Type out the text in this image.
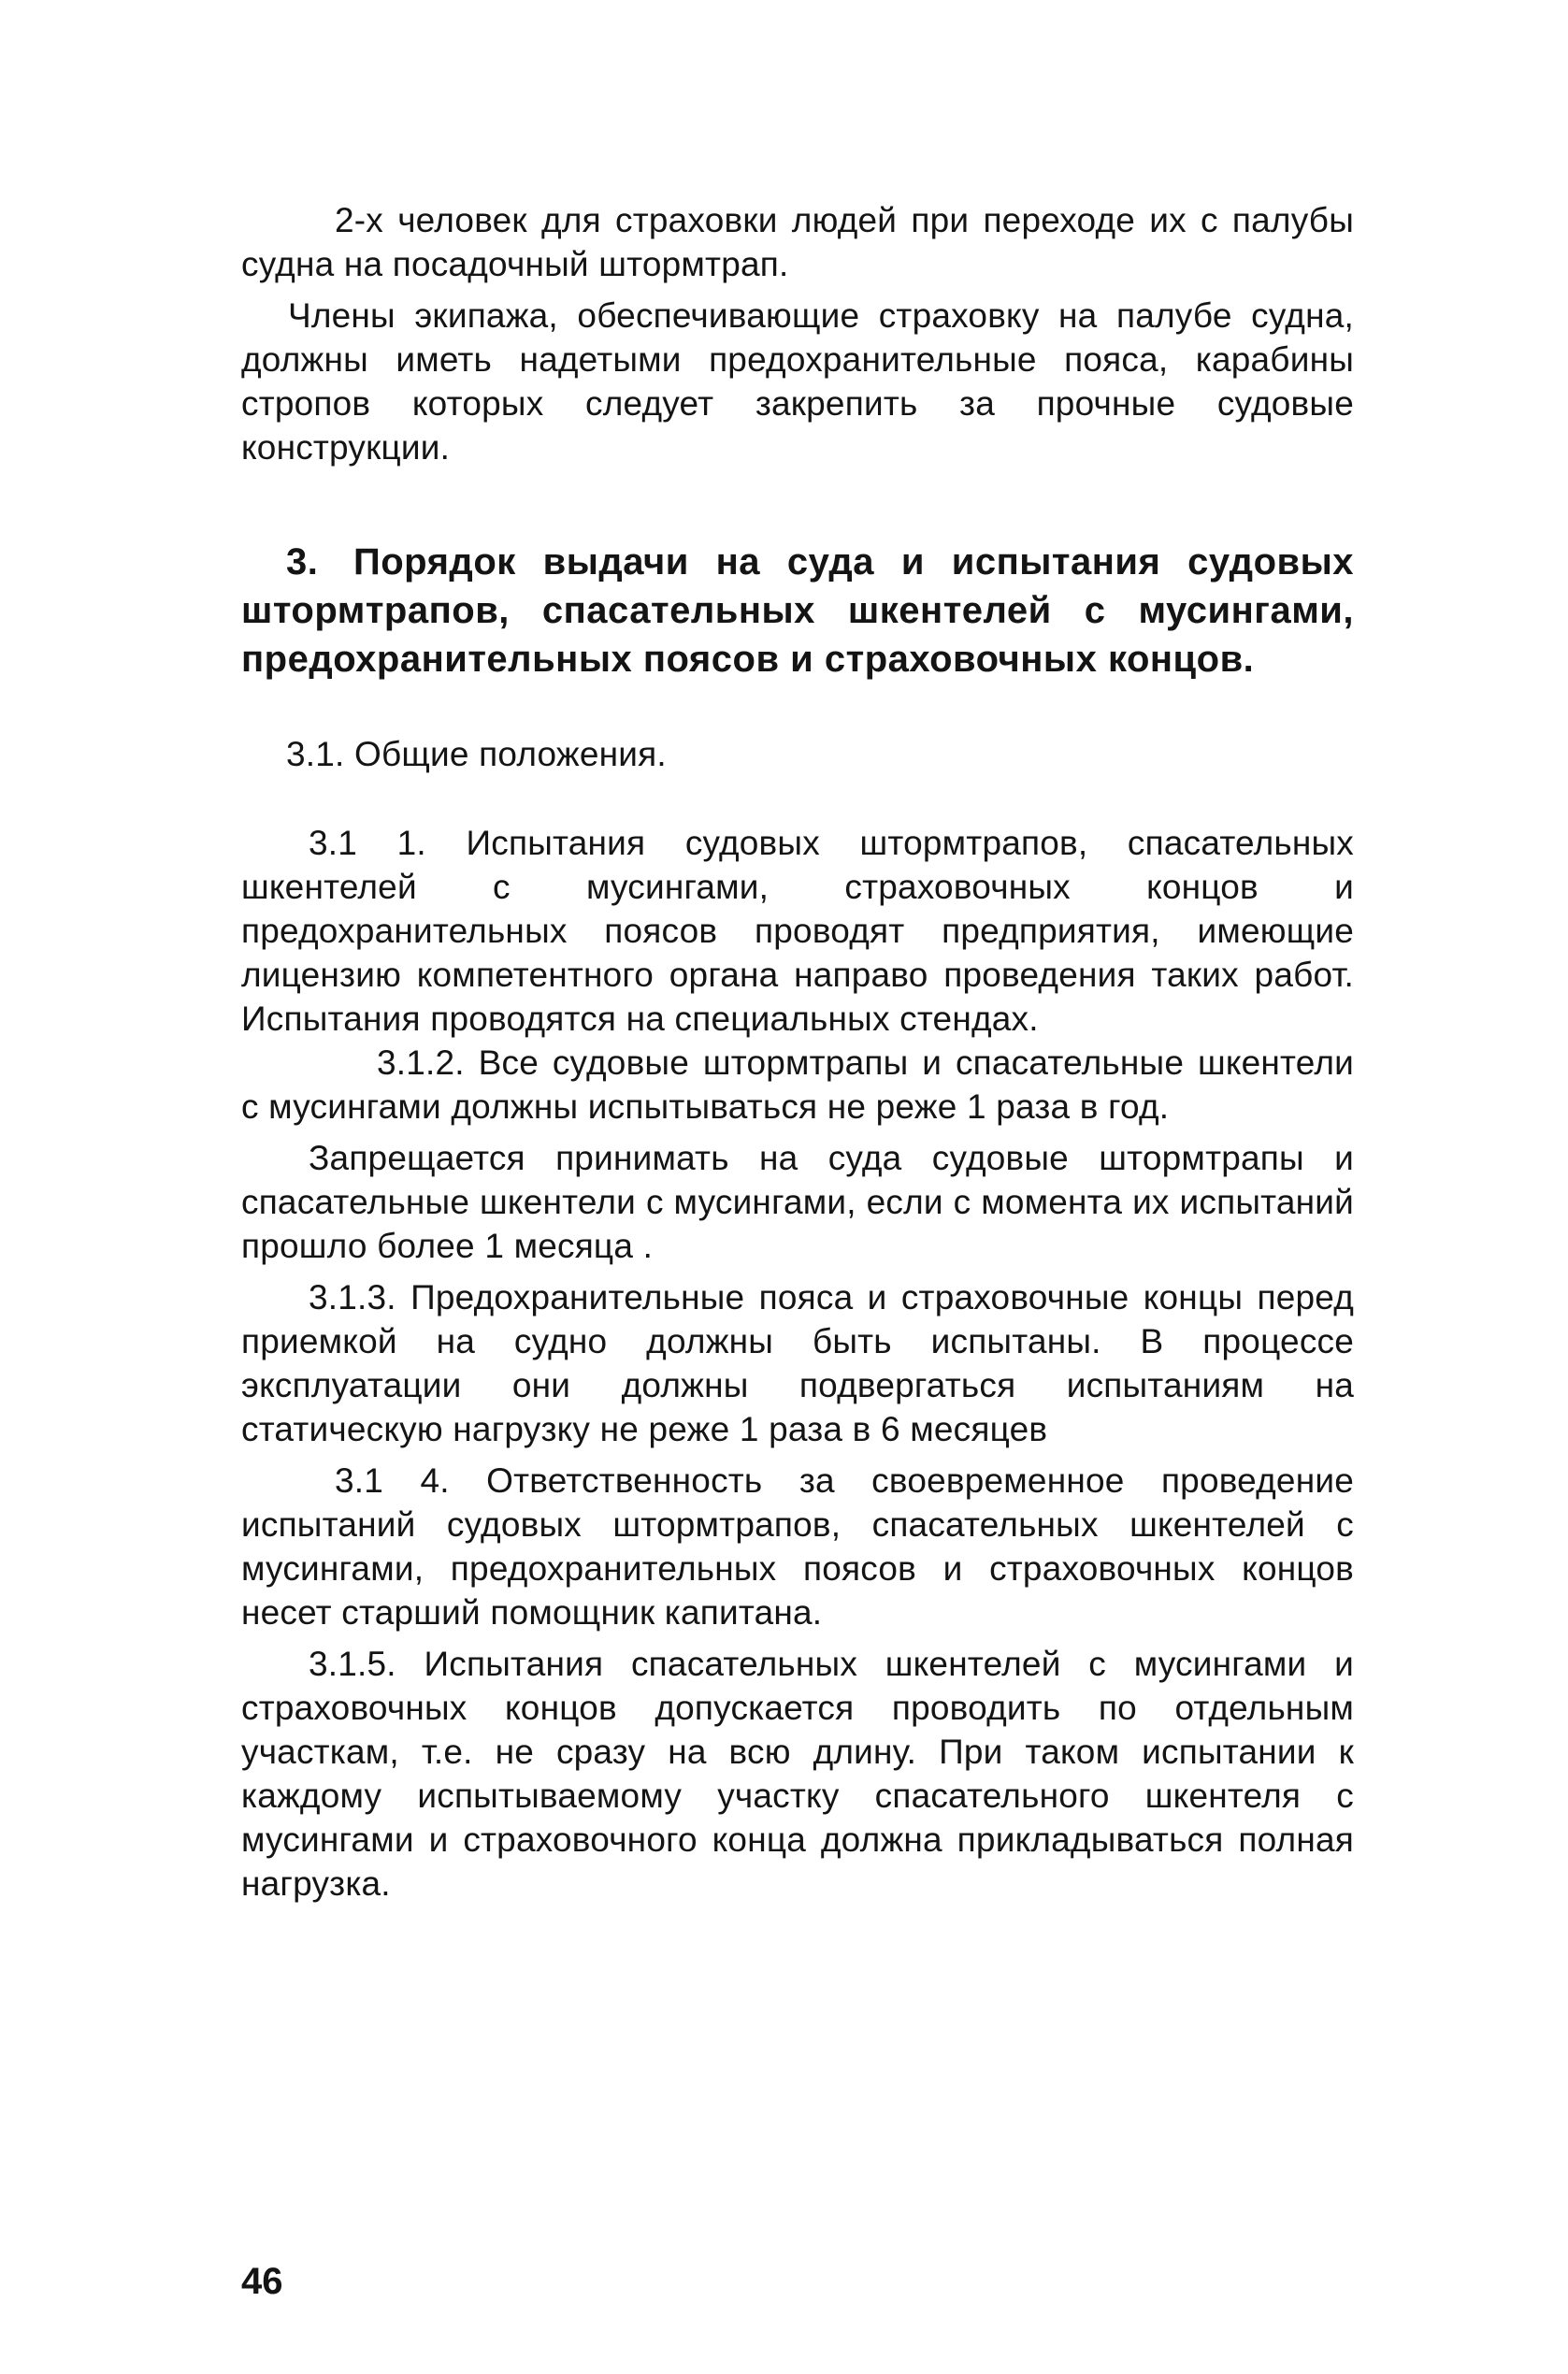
2-х человек для страховки людей при переходе их с палубы судна на посадочный штормтрап.

Члены экипажа, обеспечивающие страховку на палубе судна, должны иметь надетыми предохранительные пояса, карабины стропов которых следует закрепить за прочные судовые конструкции.

3. Порядок выдачи на суда и испытания судовых штормтрапов, спасательных шкентелей с мусингами, предохранительных поясов и страховочных концов.

3.1. Общие положения.

3.1 1. Испытания судовых штормтрапов, спасательных шкентелей с мусингами, страховочных концов и предохранительных поясов проводят предприятия, имеющие лицензию компетентного органа направо проведения таких работ. Испытания проводятся на специальных стендах.

3.1.2. Все судовые штормтрапы и спасательные шкентели с мусингами должны испытываться не реже 1 раза в год.

Запрещается принимать на суда судовые штормтрапы и спасательные шкентели с мусингами, если с момента их испытаний прошло более 1 месяца .

3.1.3. Предохранительные пояса и страховочные концы перед приемкой на судно должны быть испытаны. В процессе эксплуатации они должны подвергаться испытаниям на статическую нагрузку не реже 1 раза в 6 месяцев

3.1 4. Ответственность за своевременное проведение испытаний судовых штормтрапов, спасательных шкентелей с мусингами, предохранительных поясов и страховочных концов несет старший помощник капитана.

3.1.5. Испытания спасательных шкентелей с мусингами и страховочных концов допускается проводить по отдельным участкам, т.е. не сразу на всю длину. При таком испытании к каждому испытываемому участку спасательного шкентеля с мусингами и страховочного конца должна прикладываться полная нагрузка.

46
